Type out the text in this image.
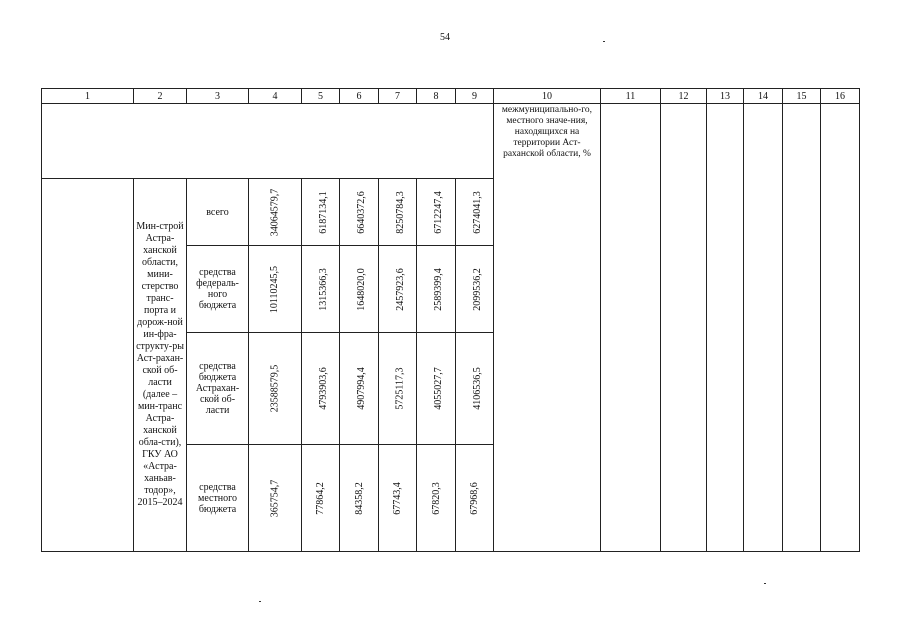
54
1	2	3	4	5	6	7	8	9	10	11	12	13	14	15	16
									межмуниципально-го, местного значе-ния, находящихся на территории Аст-раханской области, %						
	Мин-строй Астра-ханской области, мини-стерство транс-порта и дорож-ной ин-фра-структу-ры Аст-рахан-ской об-ласти (далее – мин-транс Астра-ханской обла-сти), ГКУ АО «Астра-ханьав-тодор», 2015–2024	всего	34064579,7	6187134,1	6640372,6	8250784,3	6712247,4	6274041,3							
		средства федераль-ного бюджета	10110245,5	1315366,3	1648020,0	2457923,6	2589399,4	2099536,2							
		средства бюджета Астрахан-ской об-ласти	23588579,5	4793903,6	4907994,4	5725117,3	4055027,7	4106536,5							
		средства местного бюджета	365754,7	77864,2	84358,2	67743,4	67820,3	67968,6							
